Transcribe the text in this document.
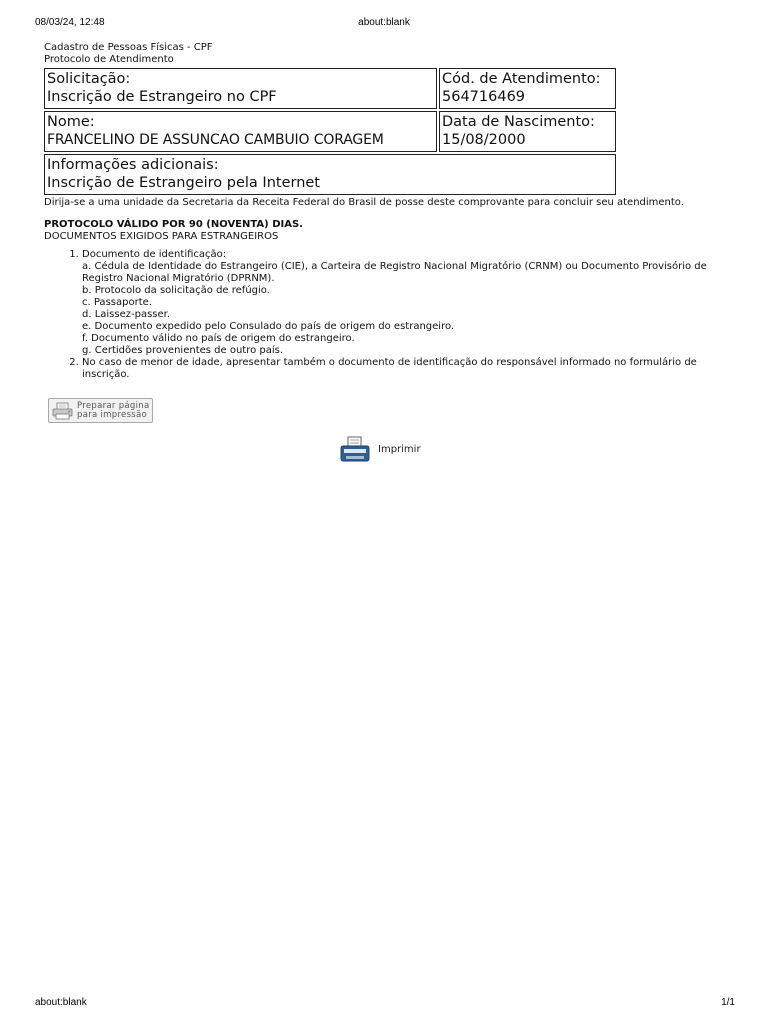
08/03/24, 12:48	about:blank
Cadastro de Pessoas Físicas - CPF
Protocolo de Atendimento
Solicitação:
Inscrição de Estrangeiro no CPF
Cód. de Atendimento:
564716469
Nome:
FRANCELINO DE ASSUNCAO CAMBUIO CORAGEM
Data de Nascimento:
15/08/2000
Informações adicionais:
Inscrição de Estrangeiro pela Internet
Dirija-se a uma unidade da Secretaria da Receita Federal do Brasil de posse deste comprovante para concluir seu atendimento.
PROTOCOLO VÁLIDO POR 90 (NOVENTA) DIAS.
DOCUMENTOS EXIGIDOS PARA ESTRANGEIROS
1. Documento de identificação:
a. Cédula de Identidade do Estrangeiro (CIE), a Carteira de Registro Nacional Migratório (CRNM) ou Documento Provisório de Registro Nacional Migratório (DPRNM).
b. Protocolo da solicitação de refúgio.
c. Passaporte.
d. Laissez-passer.
e. Documento expedido pelo Consulado do país de origem do estrangeiro.
f. Documento válido no país de origem do estrangeiro.
g. Certidões provenientes de outro país.
2. No caso de menor de idade, apresentar também o documento de identificação do responsável informado no formulário de inscrição.
Preparar página
para impressão
Imprimir
about:blank	1/1
